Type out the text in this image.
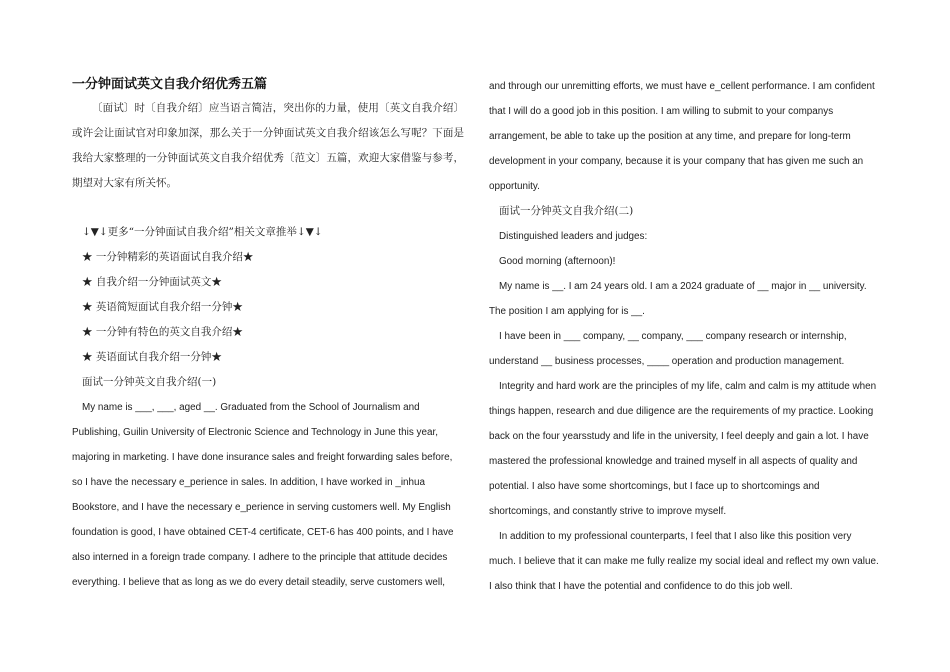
一分钟面试英文自我介绍优秀五篇

〔面试〕时〔自我介绍〕应当语言简洁，突出你的力量，使用〔英文自我介绍〕或许会让面试官对印象加深，那么关于一分钟面试英文自我介绍该怎么写呢？下面是我给大家整理的一分钟面试英文自我介绍优秀〔范文〕五篇，欢迎大家借鉴与参考，期望对大家有所关怀。

↓▼↓更多“一分钟面试自我介绍”相关文章推举↓▼↓

★ 一分钟精彩的英语面试自我介绍★

★ 自我介绍一分钟面试英文★

★ 英语简短面试自我介绍一分钟★

★ 一分钟有特色的英文自我介绍★

★ 英语面试自我介绍一分钟★

面试一分钟英文自我介绍(一)

My name is ___, ___, aged __. Graduated from the School of Journalism and Publishing, Guilin University of Electronic Science and Technology in June this year, majoring in marketing. I have done insurance sales and freight forwarding sales before, so I have the necessary e_perience in sales. In addition, I have worked in _inhua Bookstore, and I have the necessary e_perience in serving customers well. My English foundation is good, I have obtained CET-4 certificate, CET-6 has 400 points, and I have also interned in a foreign trade company. I adhere to the principle that attitude decides everything. I believe that as long as we do every detail steadily, serve customers well,

and through our unremitting efforts, we must have e_cellent performance. I am confident that I will do a good job in this position. I am willing to submit to your companys arrangement, be able to take up the position at any time, and prepare for long-term development in your company, because it is your company that has given me such an opportunity.

面试一分钟英文自我介绍(二)

Distinguished leaders and judges:

Good morning (afternoon)!

My name is __. I am 24 years old. I am a 2024 graduate of __ major in __ university. The position I am applying for is __.

I have been in ___ company, __ company, ___ company research or internship, understand __ business processes, ____ operation and production management.

Integrity and hard work are the principles of my life, calm and calm is my attitude when things happen, research and due diligence are the requirements of my practice. Looking back on the four yearsstudy and life in the university, I feel deeply and gain a lot. I have mastered the professional knowledge and trained myself in all aspects of quality and potential. I also have some shortcomings, but I face up to shortcomings and shortcomings, and constantly strive to improve myself.

In addition to my professional counterparts, I feel that I also like this position very much. I believe that it can make me fully realize my social ideal and reflect my own value. I also think that I have the potential and confidence to do this job well.
